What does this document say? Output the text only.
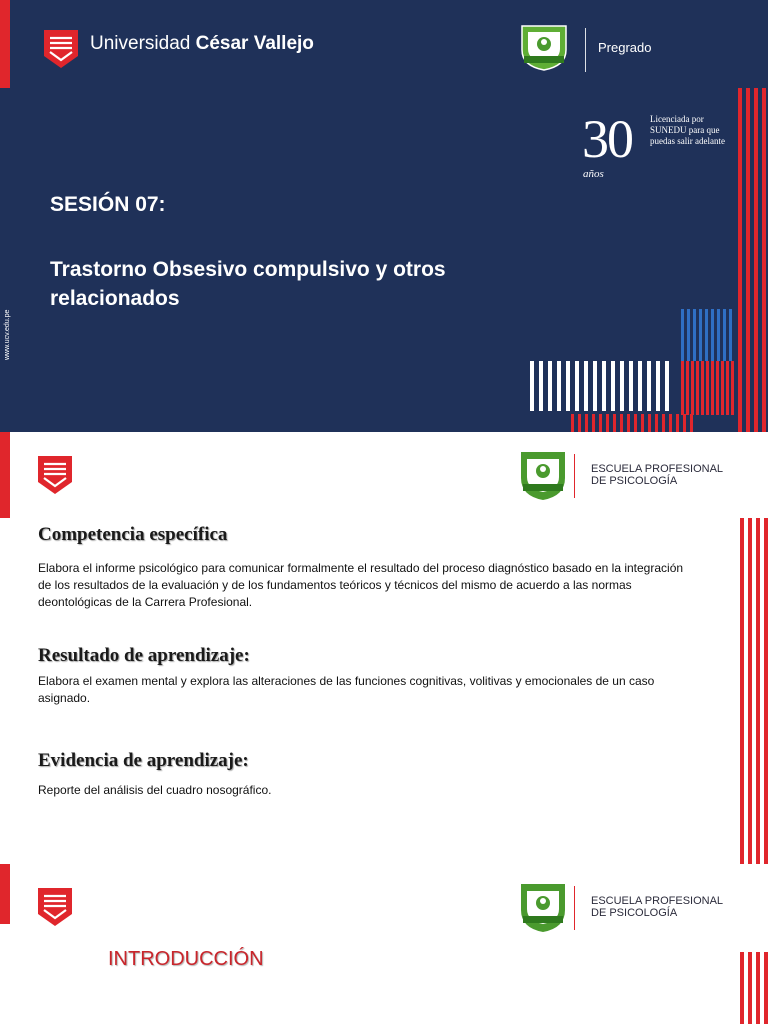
Universidad César Vallejo	Pregrado
30
años
Licenciada por SUNEDU para que puedas salir adelante
SESIÓN 07:
Trastorno Obsesivo compulsivo y otros relacionados
www.ucv.edu.pe
ESCUELA PROFESIONAL
DE PSICOLOGÍA
Competencia específica
Elabora el informe psicológico para comunicar formalmente el resultado del proceso diagnóstico basado en la integración de los resultados de la evaluación y de los fundamentos teóricos y técnicos del mismo de acuerdo a las normas deontológicas de la Carrera Profesional.
Resultado de aprendizaje:
Elabora el examen mental y explora las alteraciones de las funciones cognitivas, volitivas y emocionales de un caso asignado.
Evidencia de aprendizaje:
Reporte del análisis del cuadro nosográfico.
ESCUELA PROFESIONAL
DE PSICOLOGÍA
INTRODUCCIÓN
